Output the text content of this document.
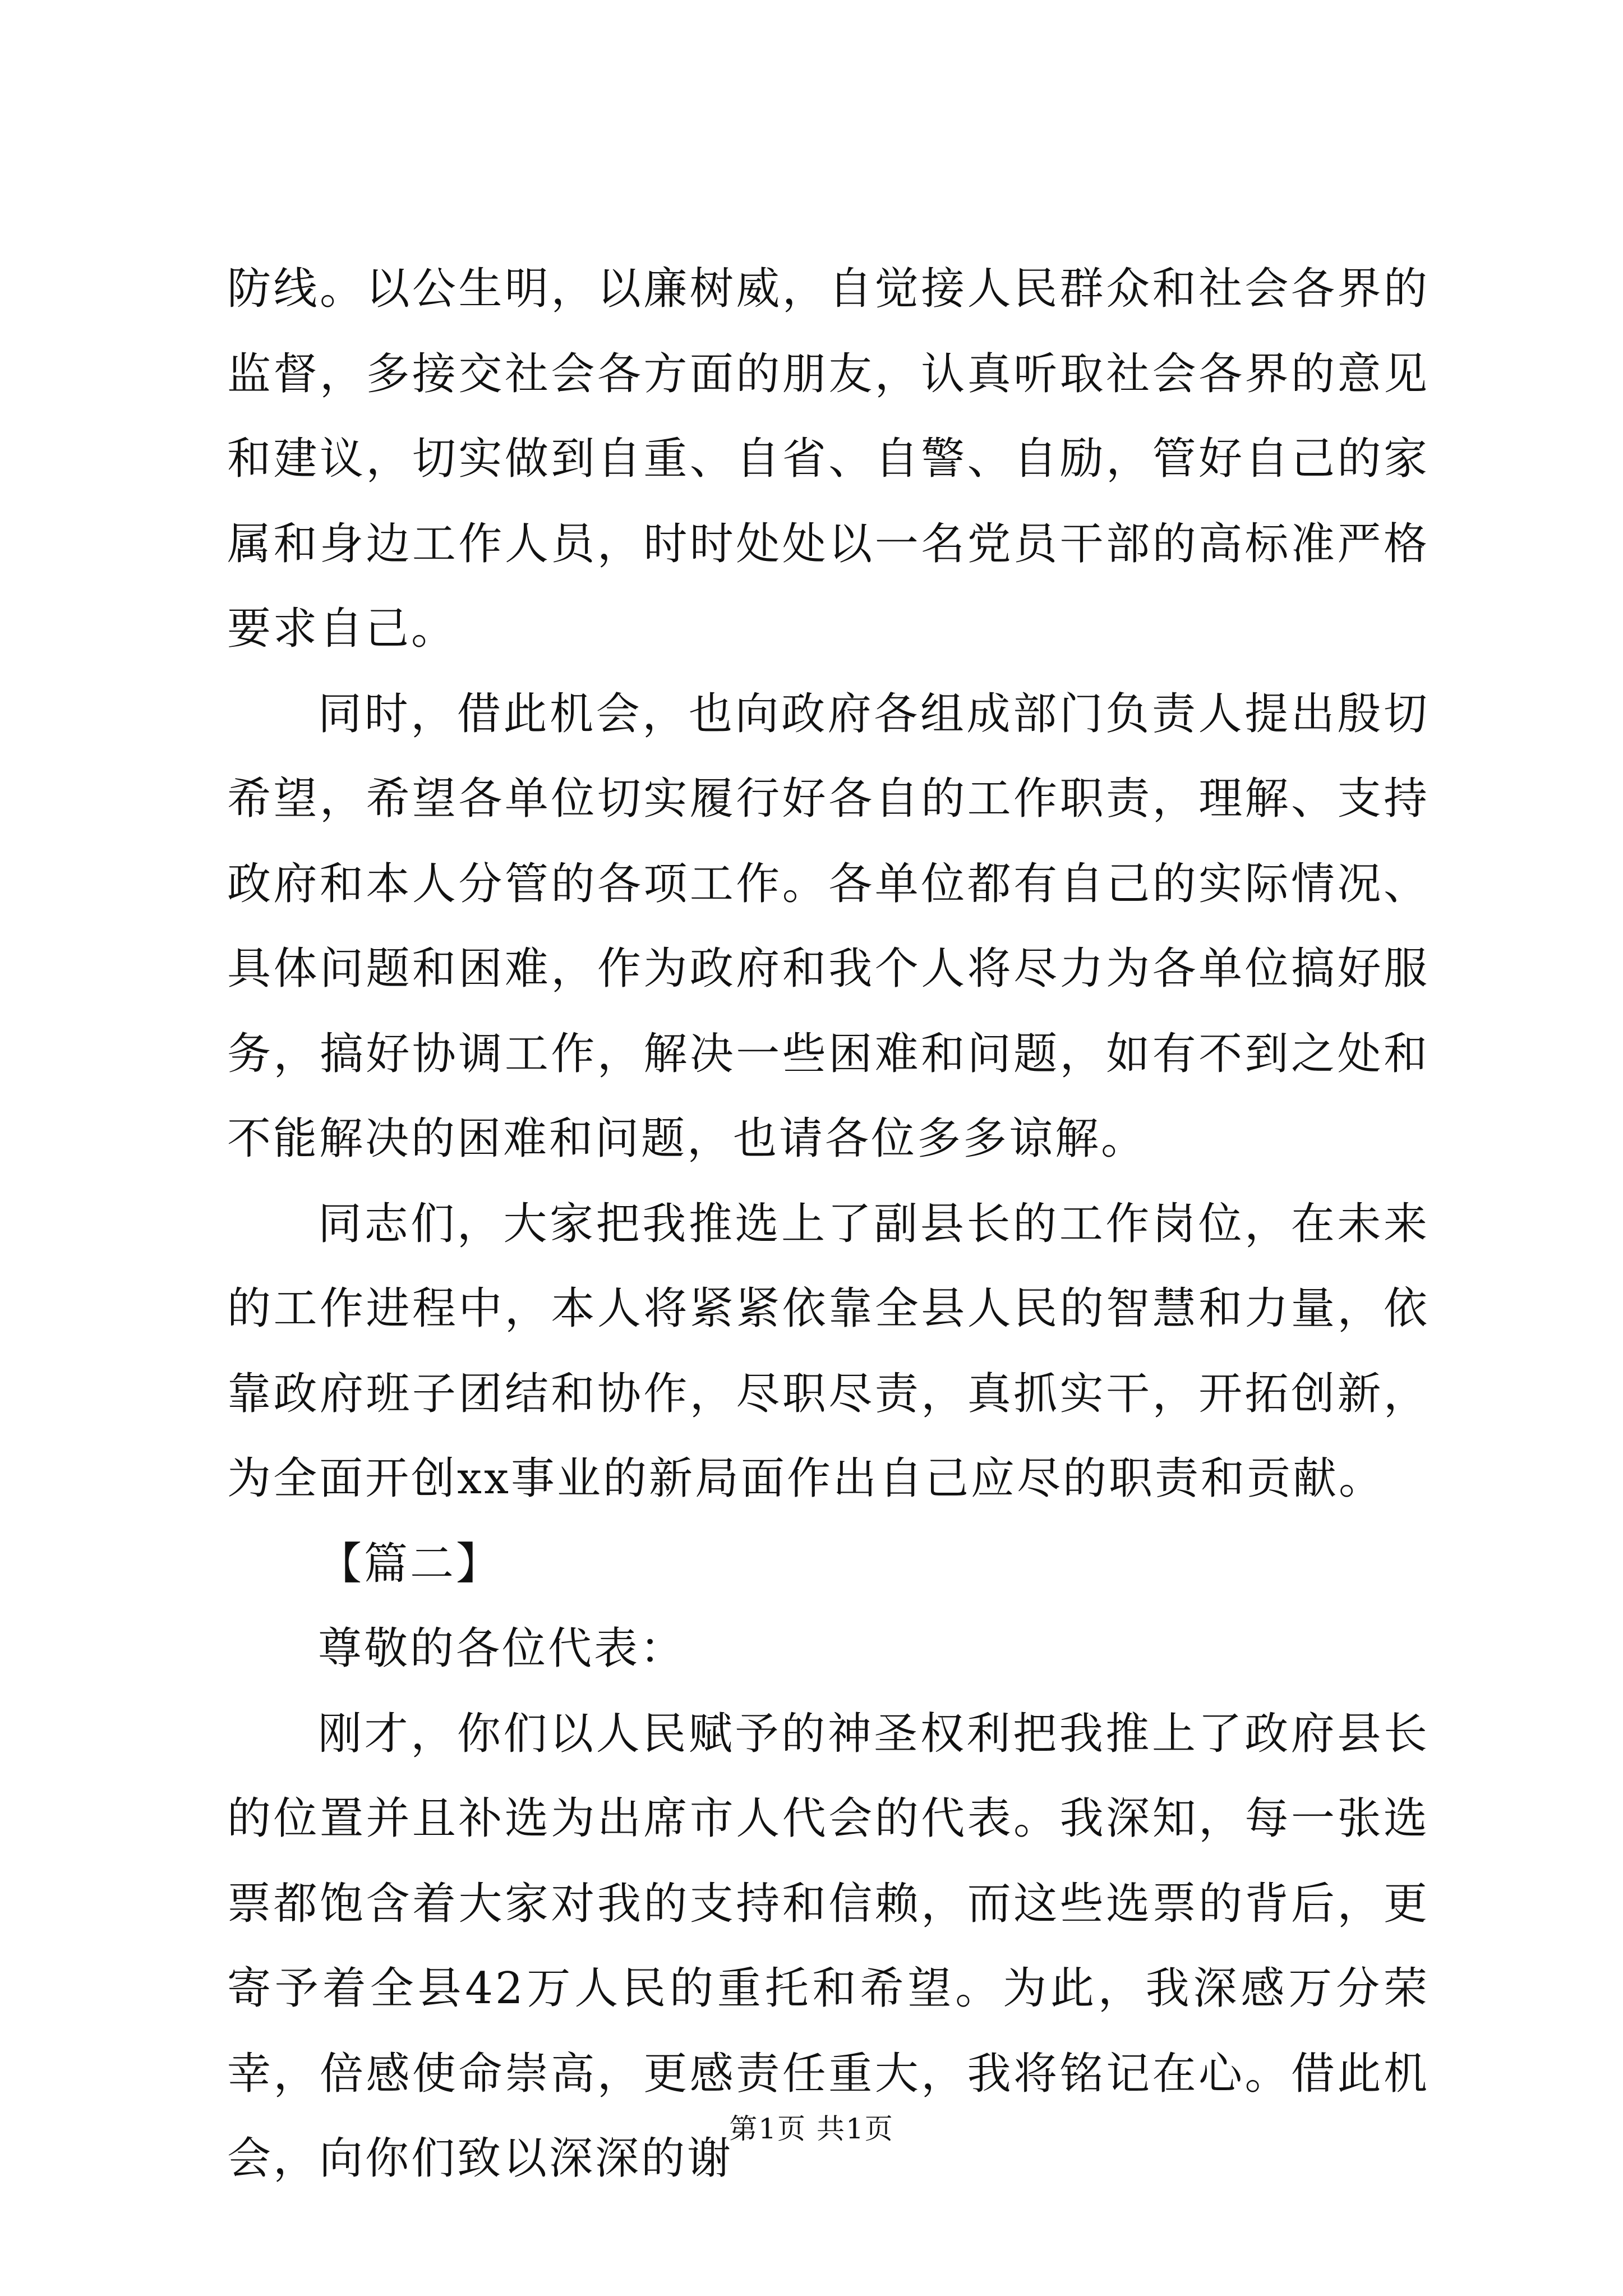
防线。以公生明，以廉树威，自觉接人民群众和社会各界的监督，多接交社会各方面的朋友，认真听取社会各界的意见和建议，切实做到自重、自省、自警、自励，管好自己的家属和身边工作人员，时时处处以一名党员干部的高标准严格要求自己。

同时，借此机会，也向政府各组成部门负责人提出殷切希望，希望各单位切实履行好各自的工作职责，理解、支持政府和本人分管的各项工作。各单位都有自己的实际情况、具体问题和困难，作为政府和我个人将尽力为各单位搞好服务，搞好协调工作，解决一些困难和问题，如有不到之处和不能解决的困难和问题，也请各位多多谅解。

同志们，大家把我推选上了副县长的工作岗位，在未来的工作进程中，本人将紧紧依靠全县人民的智慧和力量，依靠政府班子团结和协作，尽职尽责，真抓实干，开拓创新，为全面开创xx事业的新局面作出自己应尽的职责和贡献。

【篇二】

尊敬的各位代表：

刚才，你们以人民赋予的神圣权利把我推上了政府县长的位置并且补选为出席市人代会的代表。我深知，每一张选票都饱含着大家对我的支持和信赖，而这些选票的背后，更寄予着全县42万人民的重托和希望。为此，我深感万分荣幸，倍感使命崇高，更感责任重大，我将铭记在心。借此机会，向你们致以深深的谢

第1页 共1页
